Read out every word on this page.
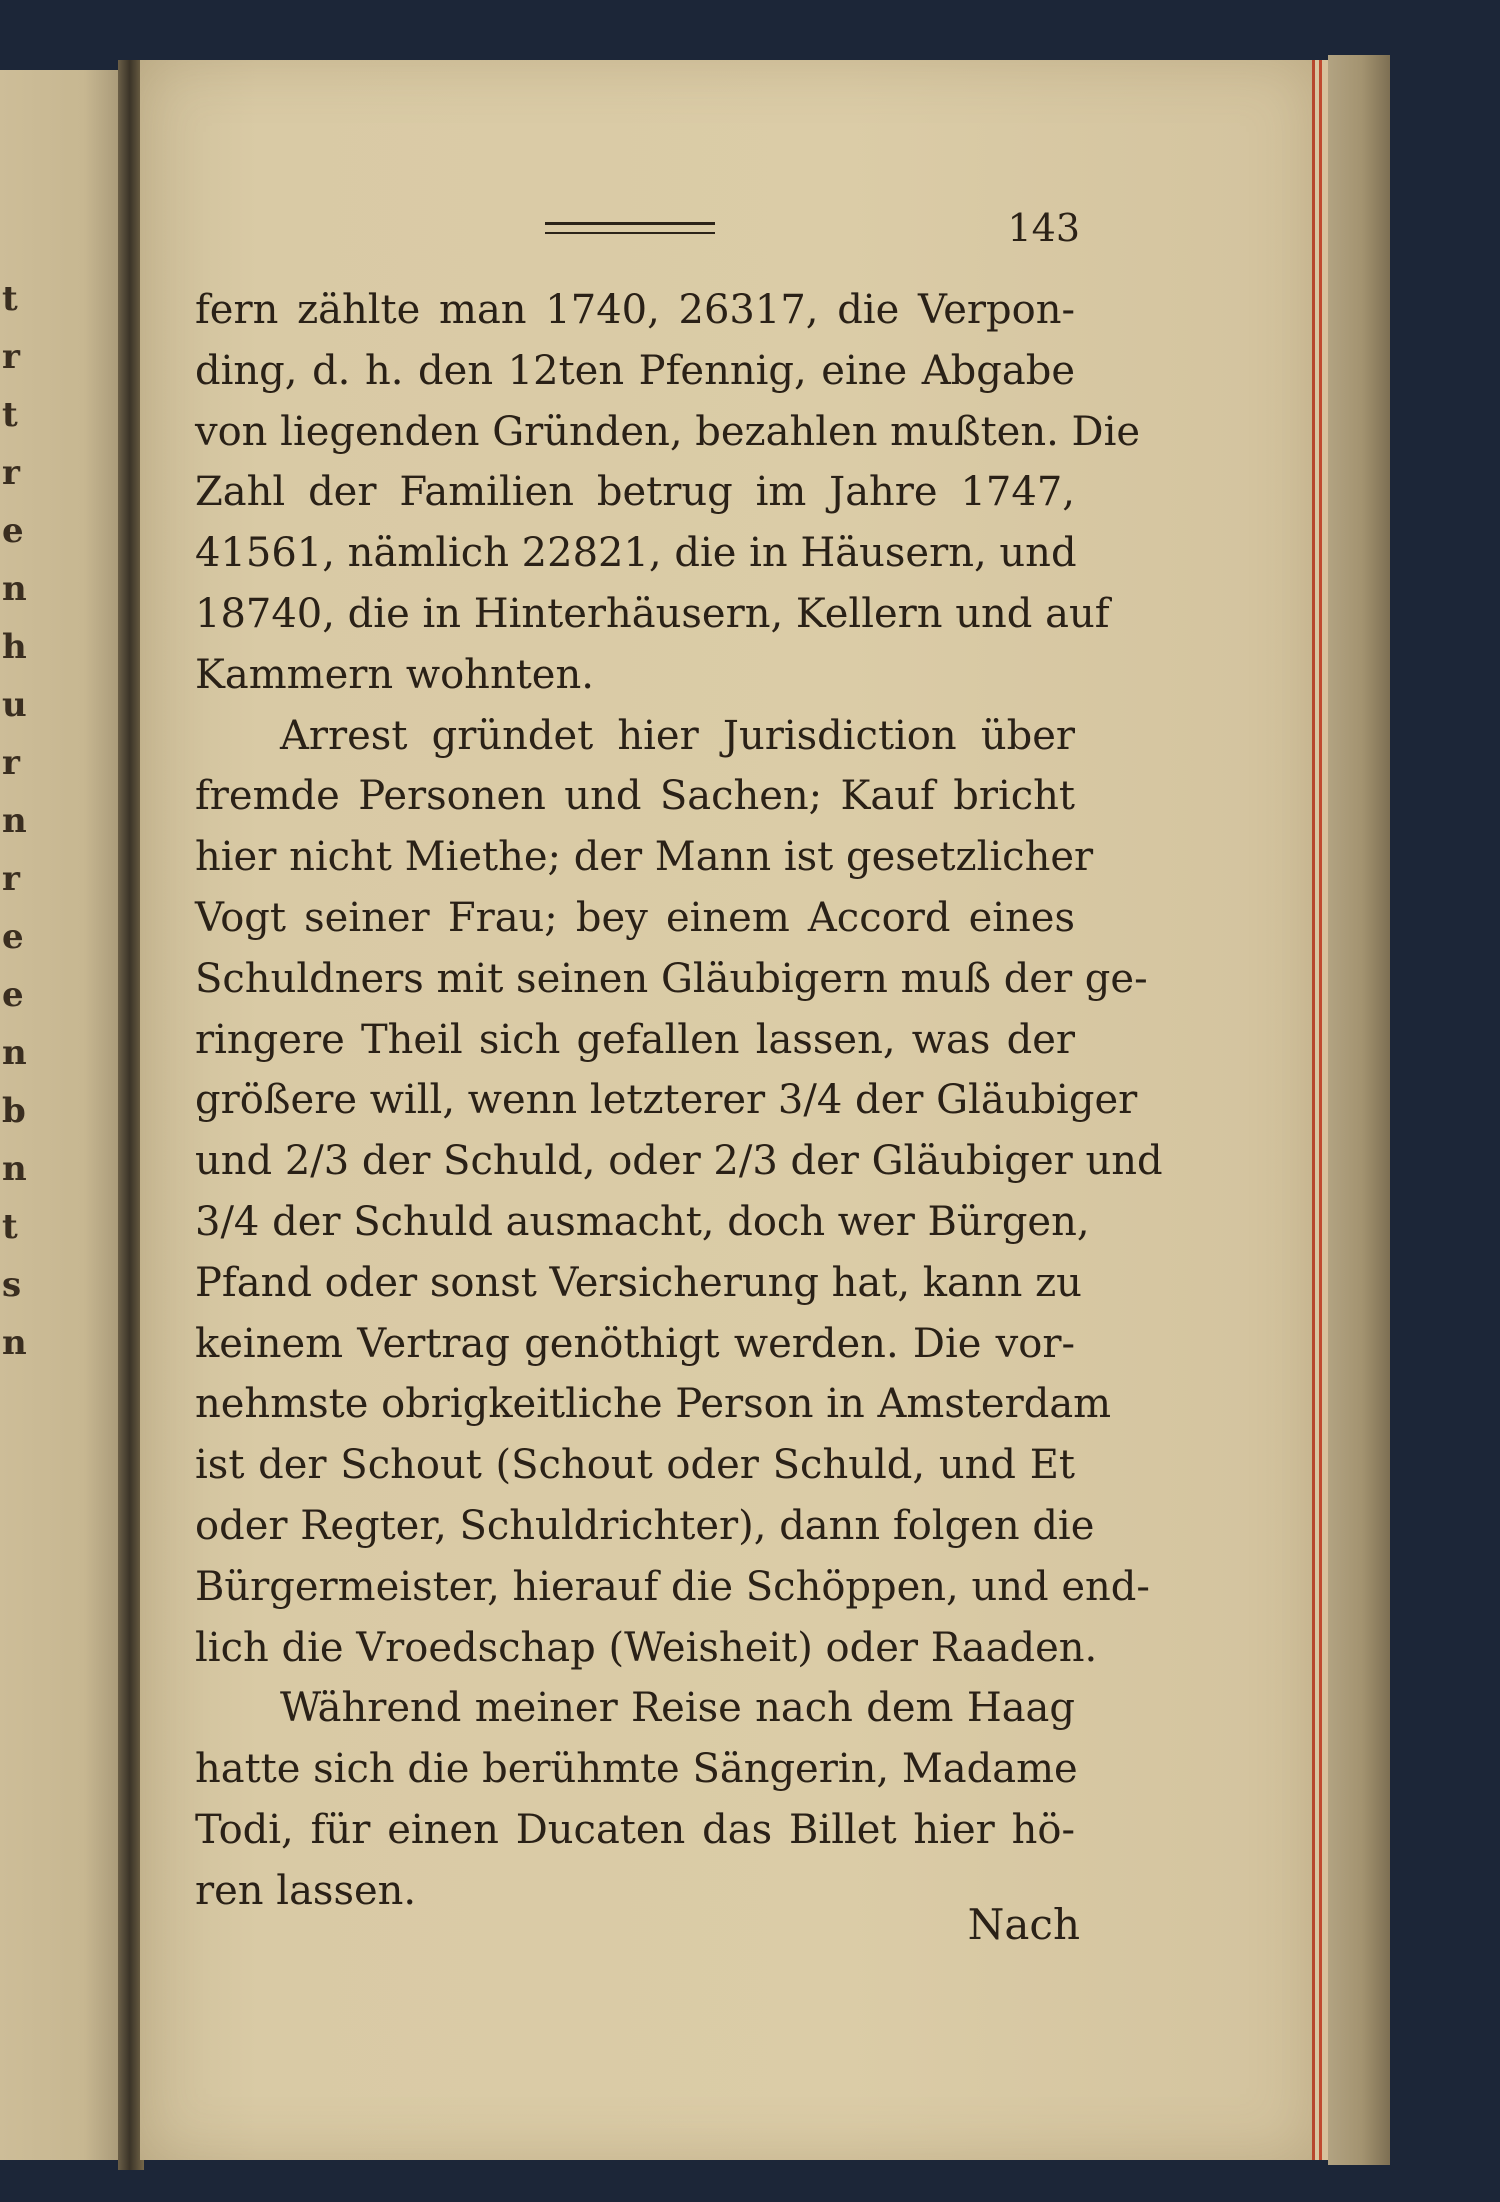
t
r
t
r
e
n
h
u
r
n
r
e
e
n
b
n
t
s
n
143
fern zählte man 1740, 26317, die Verpon-
ding, d. h. den 12ten Pfennig, eine Abgabe
von liegenden Gründen, bezahlen mußten. Die
Zahl der Familien betrug im Jahre 1747,
41561, nämlich 22821, die in Häusern, und
18740, die in Hinterhäusern, Kellern und auf
Kammern wohnten.
Arrest gründet hier Jurisdiction über
fremde Personen und Sachen; Kauf bricht
hier nicht Miethe; der Mann ist gesetzlicher
Vogt seiner Frau; bey einem Accord eines
Schuldners mit seinen Gläubigern muß der ge-
ringere Theil sich gefallen lassen, was der
größere will, wenn letzterer 3/4 der Gläubiger
und 2/3 der Schuld, oder 2/3 der Gläubiger und
3/4 der Schuld ausmacht, doch wer Bürgen,
Pfand oder sonst Versicherung hat, kann zu
keinem Vertrag genöthigt werden. Die vor-
nehmste obrigkeitliche Person in Amsterdam
ist der Schout (Schout oder Schuld, und Et
oder Regter, Schuldrichter), dann folgen die
Bürgermeister, hierauf die Schöppen, und end-
lich die Vroedschap (Weisheit) oder Raaden.
Während meiner Reise nach dem Haag
hatte sich die berühmte Sängerin, Madame
Todi, für einen Ducaten das Billet hier hö-
ren lassen.
Nach
